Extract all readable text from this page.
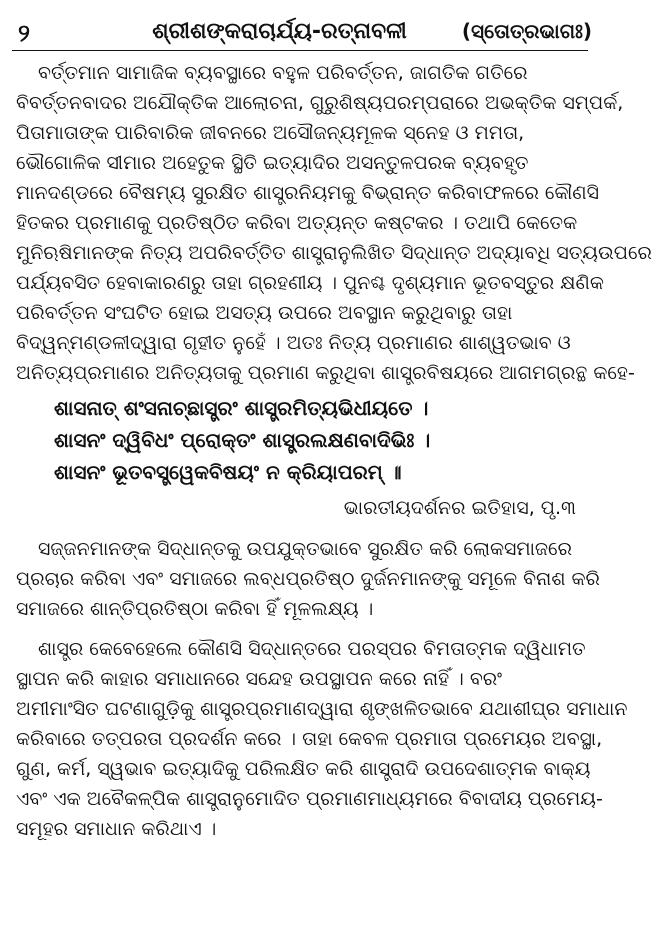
୨	ଶ୍ରୀଶଙ୍କରାଚାର୍ଯ୍ୟ-ରତ୍ନାବଳୀ	(ସ୍ତୋତ୍ରଭାଗଃ)
ବର୍ତ୍ତମାନ ସାମାଜିକ ବ୍ୟବସ୍ଥାରେ ବହୁଳ ପରିବର୍ତ୍ତନ, ଜାଗତିକ ଗତିରେ
ବିବର୍ତ୍ତନବାଦର ଅଯୌକ୍ତିକ ଆଲୋଚନା, ଗୁରୁଶିଷ୍ୟପରମ୍ପରାରେ ଅଭକ୍ତିକ ସମ୍ପର୍କ,
ପିତାମାତାଙ୍କ ପାରିବାରିକ ଜୀବନରେ ଅସୌଜନ୍ୟମୂଳକ ସ୍ନେହ ଓ ମମତା,
ଭୌଗୋଳିକ ସୀମାର ଅହେତୁକ ସ୍ଥିତି ଇତ୍ୟାଦିର ଅସନ୍ତୁଳପରକ ବ୍ୟବହୃତ
ମାନଦଣ୍ଡରେ ବୈଷମ୍ୟ ସୁରକ୍ଷିତ ଶାସ୍ତ୍ରନିୟମକୁ ବିଭ୍ରାନ୍ତ କରିବାଫଳରେ କୌଣସି
ହିତକର ପ୍ରମାଣକୁ ପ୍ରତିଷ୍ଠିତ କରିବା ଅତ୍ୟନ୍ତ କଷ୍ଟକର । ତଥାପି କେତେକ
ମୁନିଋଷିମାନଙ୍କ ନିତ୍ୟ ଅପରିବର୍ତ୍ତିତ ଶାସ୍ତ୍ରାନୁଲିଖିତ ସିଦ୍ଧାନ୍ତ ଅଦ୍ୟାବଧି ସତ୍ୟଉପରେ
ପର୍ଯ୍ୟବସିତ ହେବାକାରଣରୁ ତାହା ଗ୍ରହଣୀୟ । ପୁନଶ୍ଚ ଦୃଶ୍ୟମାନ ଭୂତବସ୍ତୁର କ୍ଷଣିକ
ପରିବର୍ତ୍ତନ ସଂଘଟିତ ହୋଇ ଅସତ୍ୟ ଉପରେ ଅବସ୍ଥାନ କରୁଥିବାରୁ ତାହା
ବିଦ୍ୱନ୍ମଣ୍ଡଳୀଦ୍ୱାରା ଗୃହୀତ ନୁହେଁ । ଅତଃ ନିତ୍ୟ ପ୍ରମାଣର ଶାଶ୍ୱତଭାବ ଓ
ଅନିତ୍ୟପ୍ରମାଣର ଅନିତ୍ୟତାକୁ ପ୍ରମାଣ କରୁଥିବା ଶାସ୍ତ୍ରବିଷୟରେ ଆଗମଗ୍ରନ୍ଥ କହେ-
ଶାସନାତ୍ ଶଂସନାଚ୍ଛାସ୍ତ୍ରଂ ଶାସ୍ତ୍ରମିତ୍ୟଭିଧୀୟତେ ।
ଶାସନଂ ଦ୍ୱିବିଧଂ ପ୍ରୋକ୍ତଂ ଶାସ୍ତ୍ରଲକ୍ଷଣବାଦିଭିଃ ।
ଶାସନଂ ଭୂତବସ୍ତ୍ୱେକବିଷୟଂ ନ କ୍ରିୟାପରମ୍ ॥
ଭାରତୀୟଦର୍ଶନର ଇତିହାସ, ପୃ.୩
ସଜ୍ଜନମାନଙ୍କ ସିଦ୍ଧାନ୍ତକୁ ଉପଯୁକ୍ତଭାବେ ସୁରକ୍ଷିତ କରି ଲୋକସମାଜରେ
ପ୍ରଚାର କରିବା ଏବଂ ସମାଜରେ ଲବ୍ଧପ୍ରତିଷ୍ଠ ଦୁର୍ଜନମାନଙ୍କୁ ସମୂଳେ ବିନାଶ କରି
ସମାଜରେ ଶାନ୍ତିପ୍ରତିଷ୍ଠା କରିବା ହିଁ ମୂଳଲକ୍ଷ୍ୟ ।
ଶାସ୍ତ୍ର କେବେହେଲେ କୌଣସି ସିଦ୍ଧାନ୍ତରେ ପରସ୍ପର ବିମତାତ୍ମକ ଦ୍ୱିଧାମତ
ସ୍ଥାପନ କରି କାହାର ସମାଧାନରେ ସନ୍ଦେହ ଉପସ୍ଥାପନ କରେ ନାହିଁ । ବରଂ
ଅମୀମାଂସିତ ଘଟଣାଗୁଡ଼ିକୁ ଶାସ୍ତ୍ରପ୍ରମାଣଦ୍ୱାରା ଶୃଙ୍ଖଳିତଭାବେ ଯଥାଶୀଘ୍ର ସମାଧାନ
କରିବାରେ ତତ୍ପରତା ପ୍ରଦର୍ଶନ କରେ । ତାହା କେବଳ ପ୍ରମାତା ପ୍ରମେୟର ଅବସ୍ଥା,
ଗୁଣ, କର୍ମ, ସ୍ୱଭାବ ଇତ୍ୟାଦିକୁ ପରିଲକ୍ଷିତ କରି ଶାସ୍ତ୍ରାଦି ଉପଦେଶାତ୍ମକ ବାକ୍ୟ
ଏବଂ ଏକ ଅବୈକଳ୍ପିକ ଶାସ୍ତ୍ରାନୁମୋଦିତ ପ୍ରମାଣମାଧ୍ୟମରେ ବିବାଦୀୟ ପ୍ରମେୟ-
ସମୂହର ସମାଧାନ କରିଥାଏ ।
